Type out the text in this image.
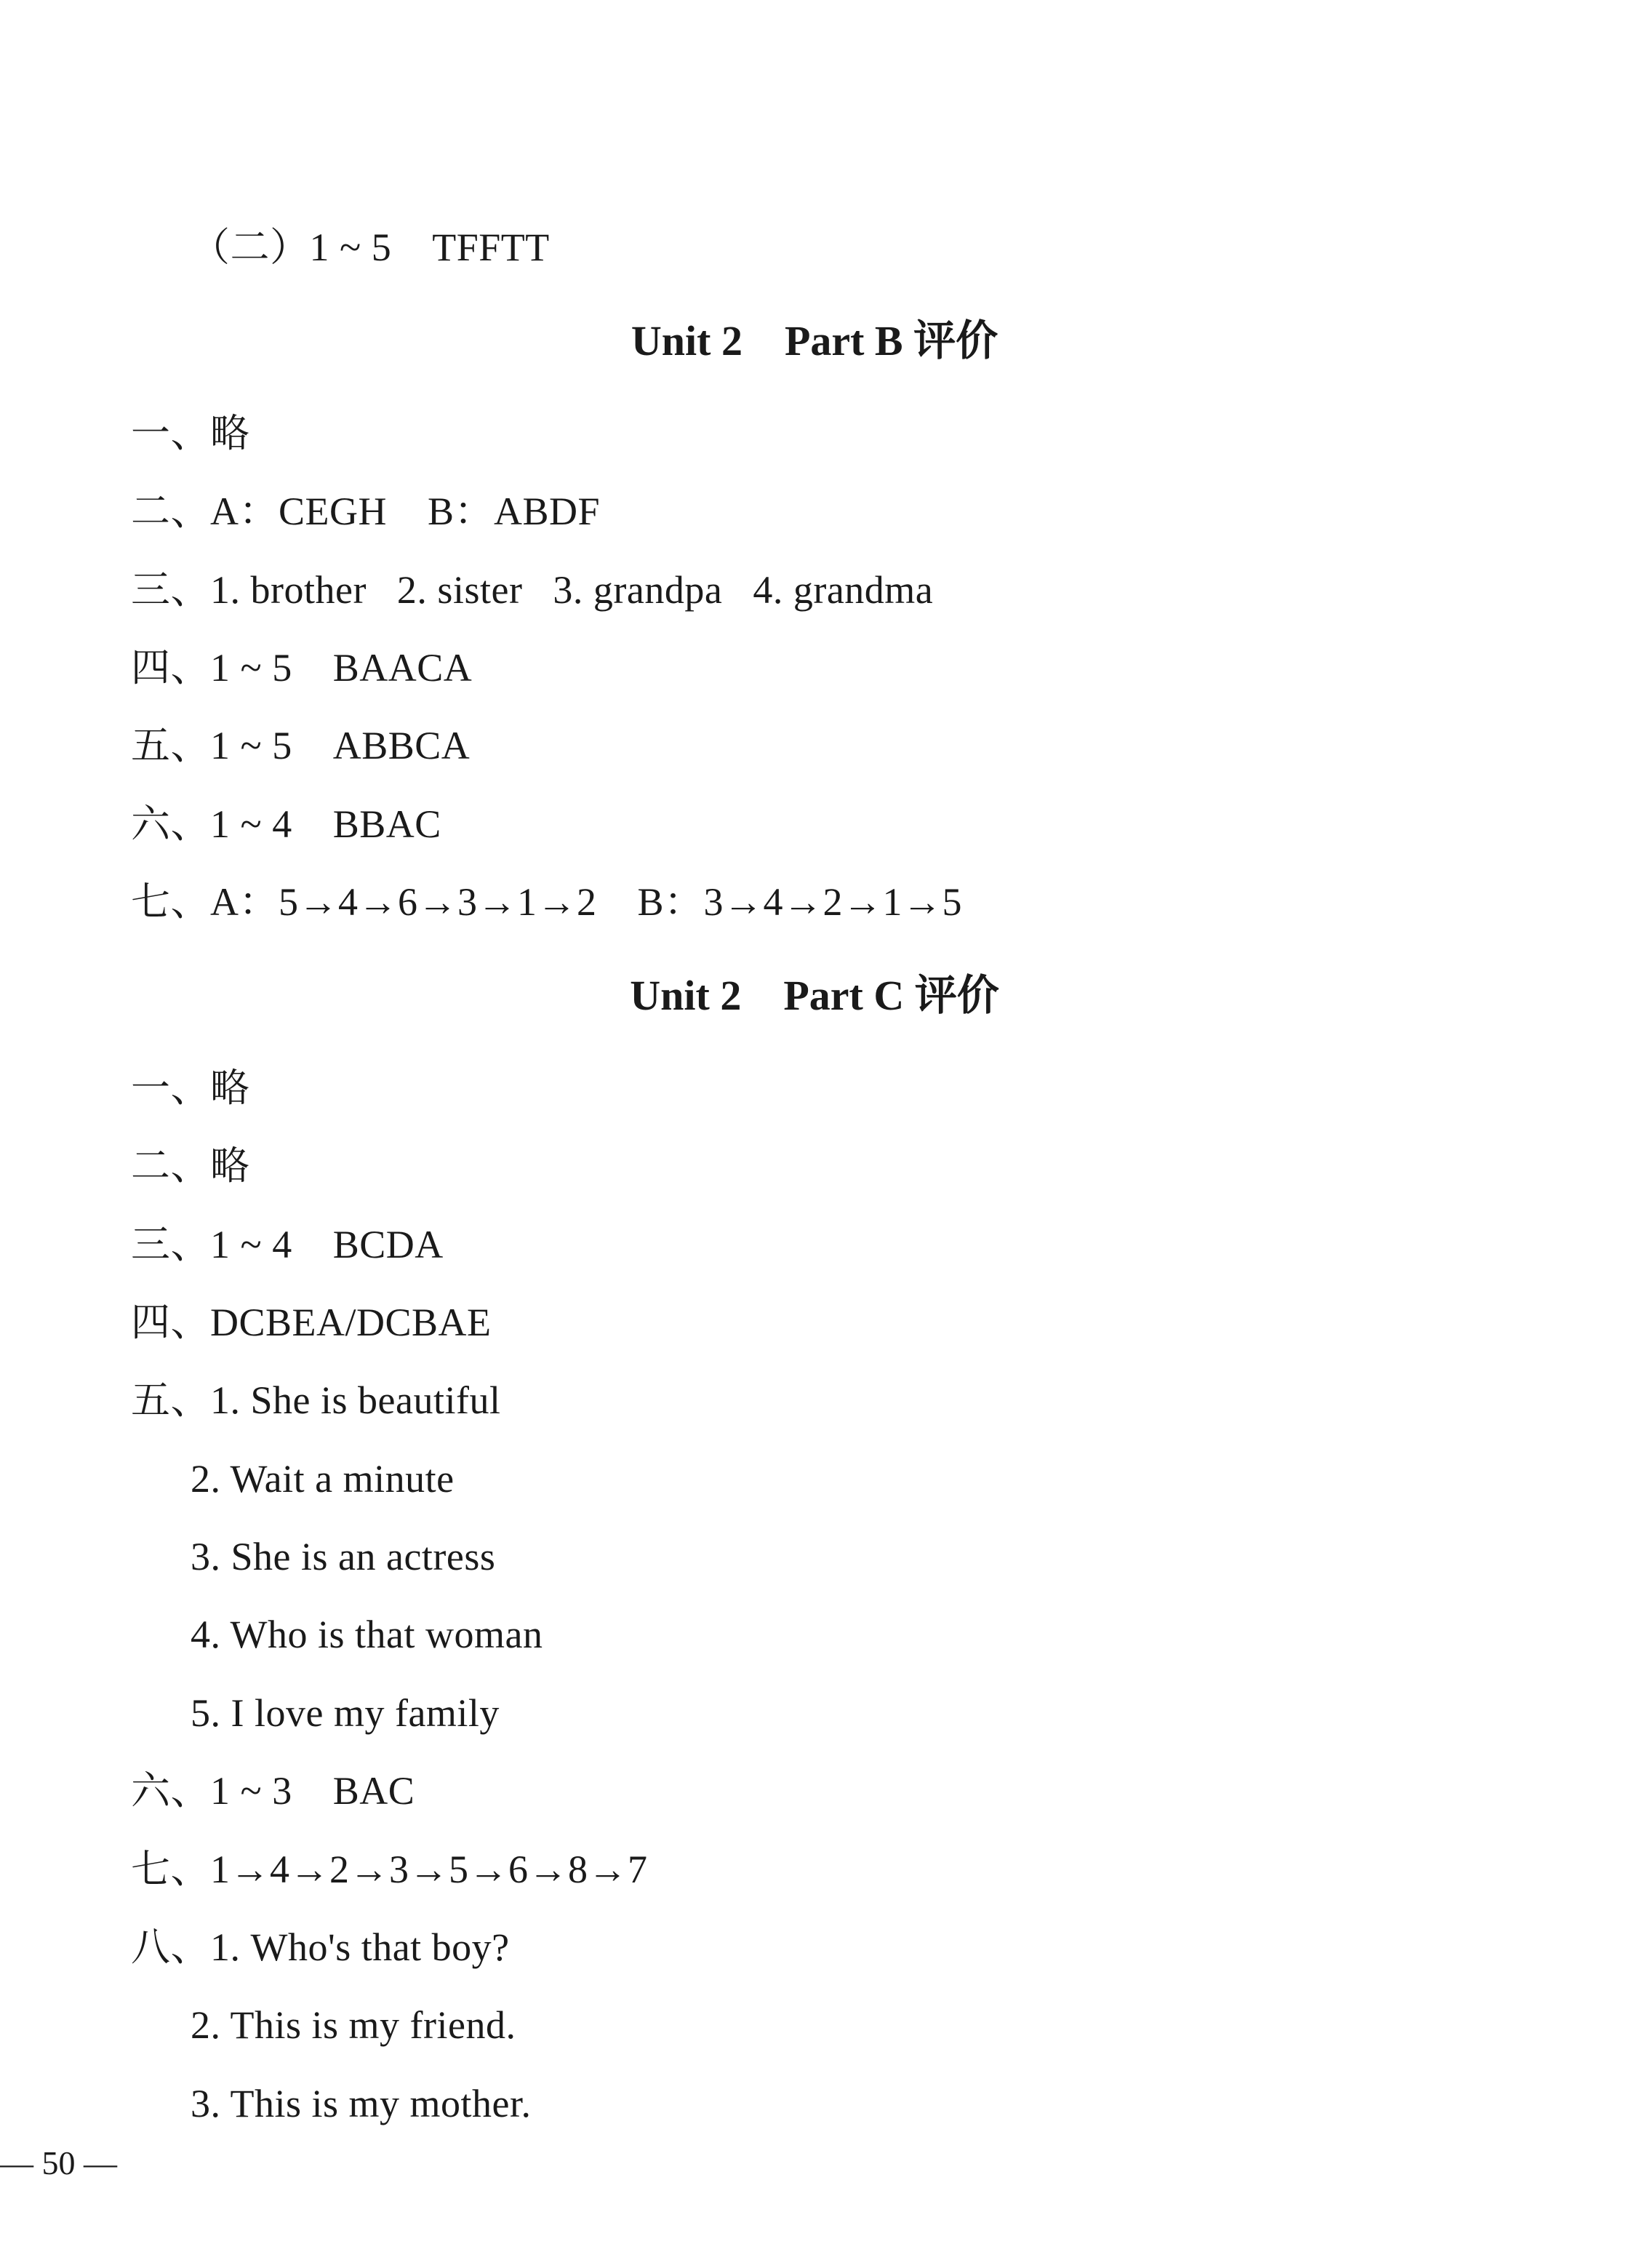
（二）1 ~ 5    TFFTT
Unit 2    Part B 评价
一、略
二、A：CEGH    B：ABDF
三、1. brother   2. sister   3. grandpa   4. grandma
四、1 ~ 5    BAACA
五、1 ~ 5    ABBCA
六、1 ~ 4    BBAC
七、A：5→4→6→3→1→2    B：3→4→2→1→5
Unit 2    Part C 评价
一、略
二、略
三、1 ~ 4    BCDA
四、DCBEA/DCBAE
五、1. She is beautiful
2. Wait a minute
3. She is an actress
4. Who is that woman
5. I love my family
六、1 ~ 3    BAC
七、1→4→2→3→5→6→8→7
八、1. Who's that boy?
2. This is my friend.
3. This is my mother.
— 50 —
